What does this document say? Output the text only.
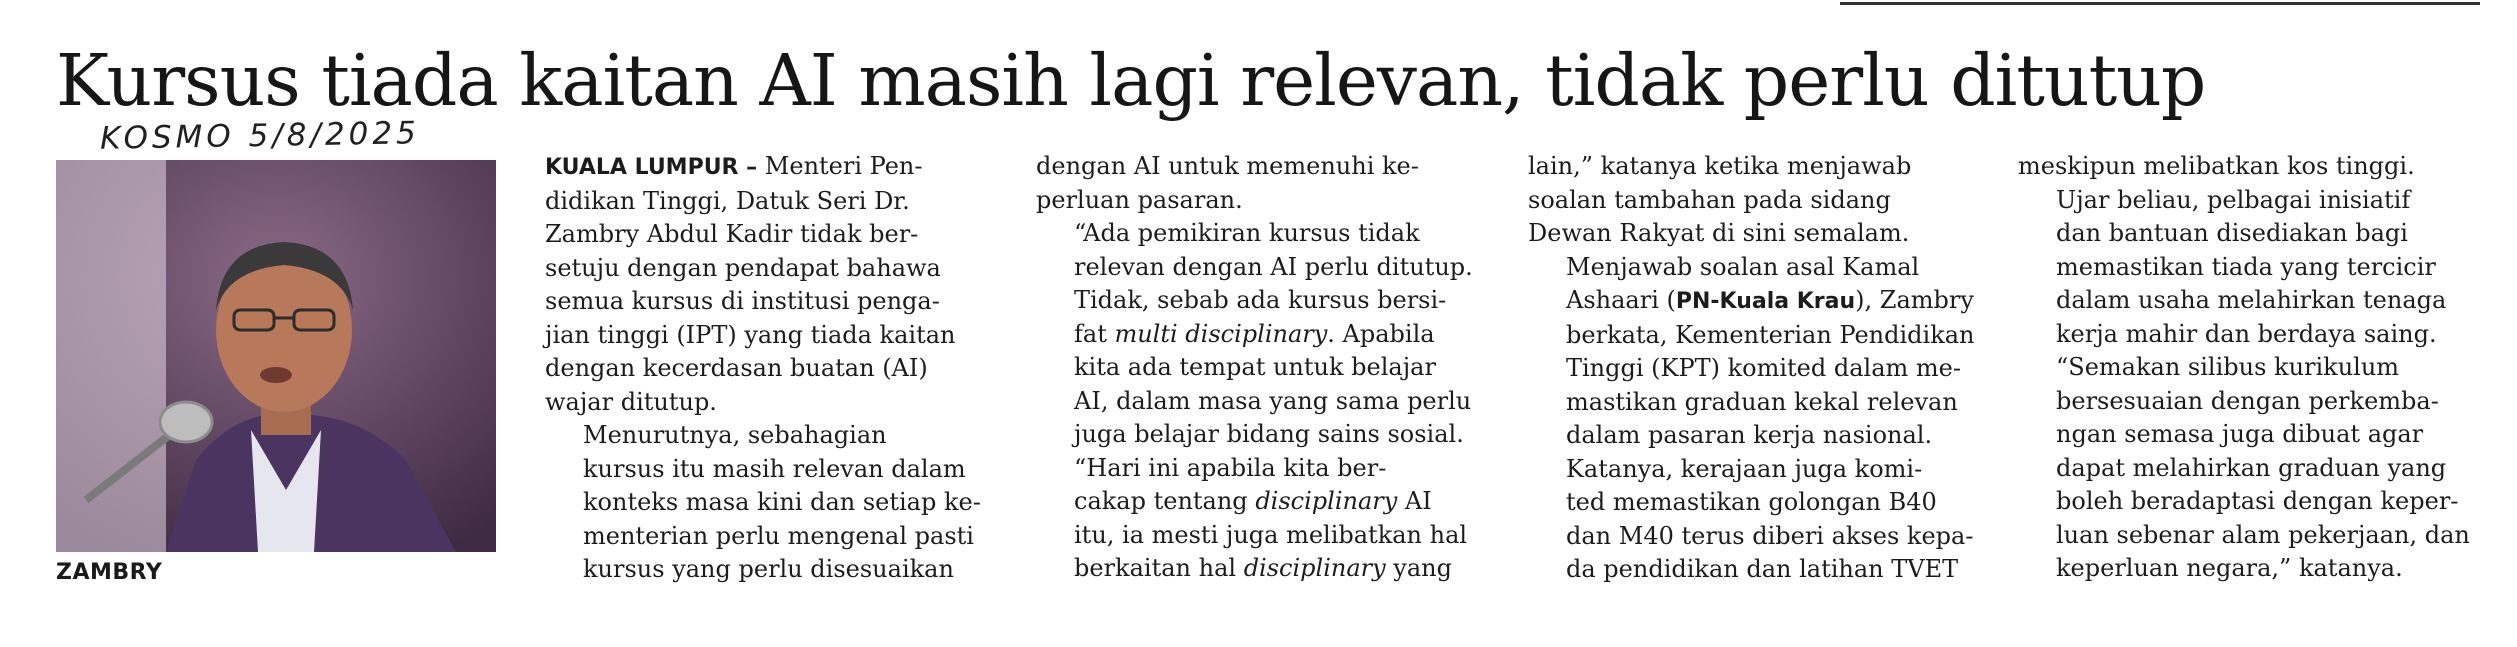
Kursus tiada kaitan AI masih lagi relevan, tidak perlu ditutup
KOSMO 5/8/2025
ZAMBRY

KUALA LUMPUR – Menteri Pen-
didikan Tinggi, Datuk Seri Dr.
Zambry Abdul Kadir tidak ber-
setuju dengan pendapat bahawa
semua kursus di institusi penga-
jian tinggi (IPT) yang tiada kaitan
dengan kecerdasan buatan (AI)
wajar ditutup.

Menurutnya, sebahagian
kursus itu masih relevan dalam
konteks masa kini dan setiap ke-
menterian perlu mengenal pasti
kursus yang perlu disesuaikan

dengan AI untuk memenuhi ke-
perluan pasaran.

“Ada pemikiran kursus tidak
relevan dengan AI perlu ditutup.
Tidak, sebab ada kursus bersi-
fat multi disciplinary. Apabila
kita ada tempat untuk belajar
AI, dalam masa yang sama perlu
juga belajar bidang sains sosial.

“Hari ini apabila kita ber-
cakap tentang disciplinary AI
itu, ia mesti juga melibatkan hal
berkaitan hal disciplinary yang

lain,” katanya ketika menjawab
soalan tambahan pada sidang
Dewan Rakyat di sini semalam.

Menjawab soalan asal Kamal
Ashaari (PN-Kuala Krau), Zambry
berkata, Kementerian Pendidikan
Tinggi (KPT) komited dalam me-
mastikan graduan kekal relevan
dalam pasaran kerja nasional.

Katanya, kerajaan juga komi-
ted memastikan golongan B40
dan M40 terus diberi akses kepa-
da pendidikan dan latihan TVET

meskipun melibatkan kos tinggi.

Ujar beliau, pelbagai inisiatif
dan bantuan disediakan bagi
memastikan tiada yang tercicir
dalam usaha melahirkan tenaga
kerja mahir dan berdaya saing.

“Semakan silibus kurikulum
bersesuaian dengan perkemba-
ngan semasa juga dibuat agar
dapat melahirkan graduan yang
boleh beradaptasi dengan keper-
luan sebenar alam pekerjaan, dan
keperluan negara,” katanya.
